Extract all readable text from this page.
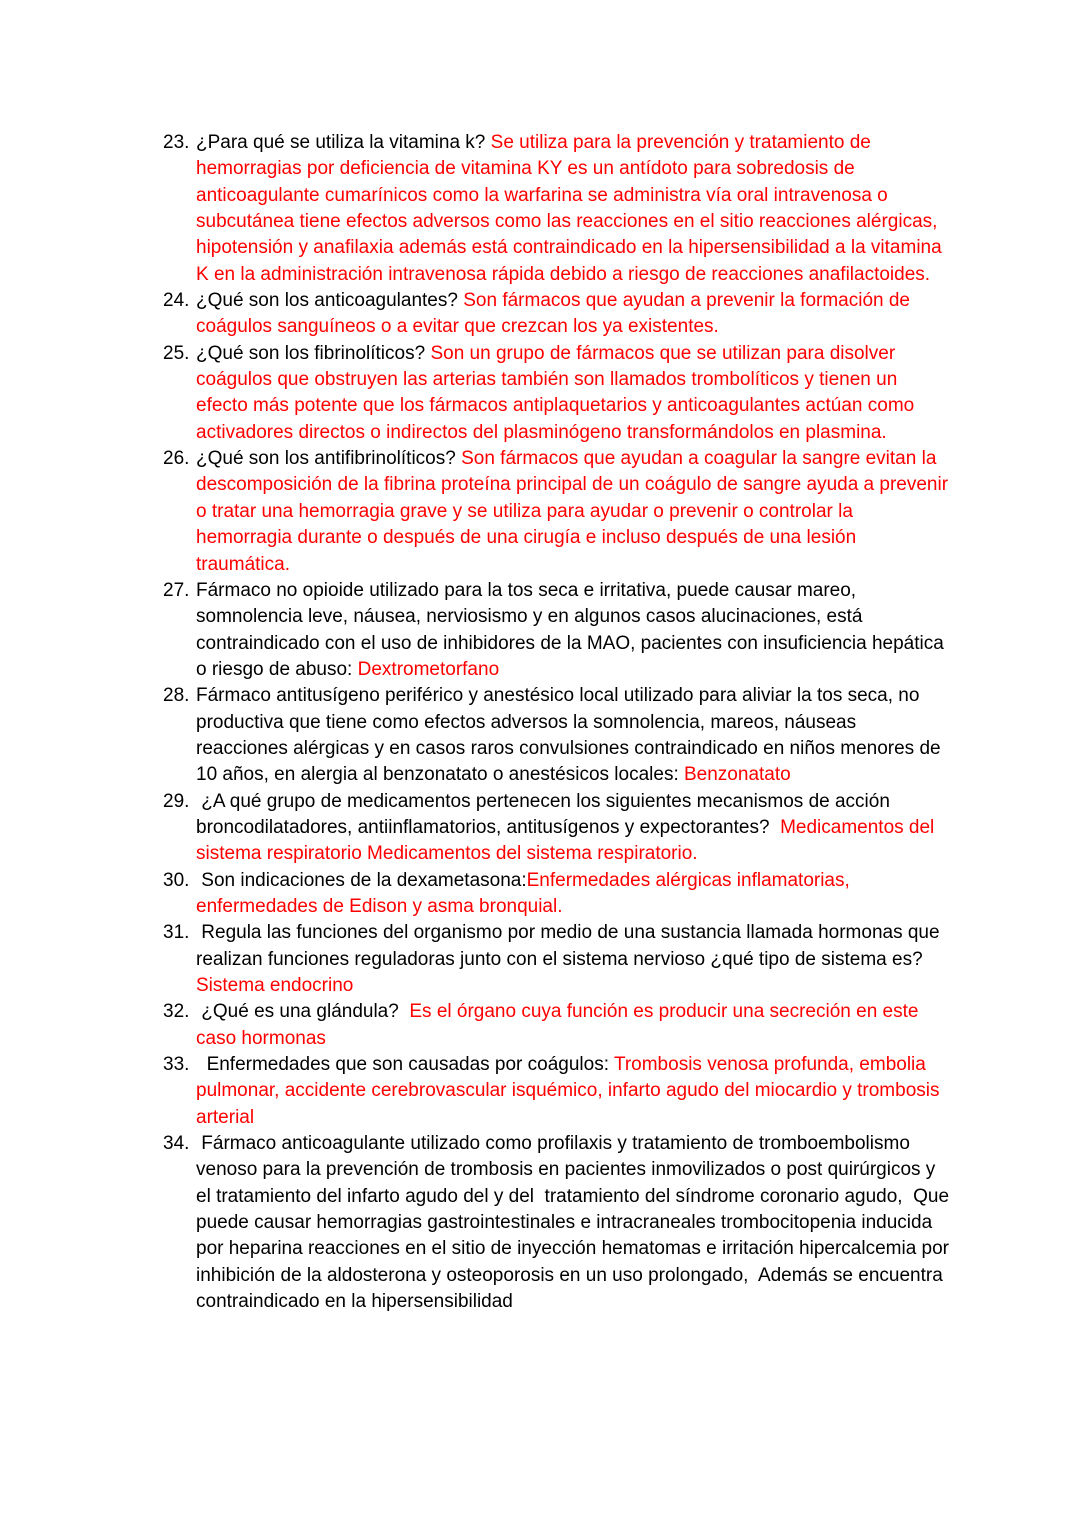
23. ¿Para qué se utiliza la vitamina k? Se utiliza para la prevención y tratamiento de hemorragias por deficiencia de vitamina KY es un antídoto para sobredosis de anticoagulante cumarínicos como la warfarina se administra vía oral intravenosa o subcutánea tiene efectos adversos como las reacciones en el sitio reacciones alérgicas, hipotensión y anafilaxia además está contraindicado en la hipersensibilidad a la vitamina K en la administración intravenosa rápida debido a riesgo de reacciones anafilactoides.
24. ¿Qué son los anticoagulantes? Son fármacos que ayudan a prevenir la formación de coágulos sanguíneos o a evitar que crezcan los ya existentes.
25. ¿Qué son los fibrinolíticos? Son un grupo de fármacos que se utilizan para disolver coágulos que obstruyen las arterias también son llamados trombolíticos y tienen un efecto más potente que los fármacos antiplaquetarios y anticoagulantes actúan como activadores directos o indirectos del plasminógeno transformándolos en plasmina.
26. ¿Qué son los antifibrinolíticos? Son fármacos que ayudan a coagular la sangre evitan la descomposición de la fibrina proteína principal de un coágulo de sangre ayuda a prevenir o tratar una hemorragia grave y se utiliza para ayudar o prevenir o controlar la hemorragia durante o después de una cirugía e incluso después de una lesión traumática.
27. Fármaco no opioide utilizado para la tos seca e irritativa, puede causar mareo, somnolencia leve, náusea, nerviosismo y en algunos casos alucinaciones, está contraindicado con el uso de inhibidores de la MAO, pacientes con insuficiencia hepática o riesgo de abuso: Dextrometorfano
28. Fármaco antitusígeno periférico y anestésico local utilizado para aliviar la tos seca, no productiva que tiene como efectos adversos la somnolencia, mareos, náuseas reacciones alérgicas y en casos raros convulsiones contraindicado en niños menores de 10 años, en alergia al benzonatato o anestésicos locales: Benzonatato
29. ¿A qué grupo de medicamentos pertenecen los siguientes mecanismos de acción broncodilatadores, antiinflamatorios, antitusígenos y expectorantes?  Medicamentos del sistema respiratorio Medicamentos del sistema respiratorio.
30. Son indicaciones de la dexametasona:Enfermedades alérgicas inflamatorias, enfermedades de Edison y asma bronquial.
31. Regula las funciones del organismo por medio de una sustancia llamada hormonas que realizan funciones reguladoras junto con el sistema nervioso ¿qué tipo de sistema es?  Sistema endocrino
32. ¿Qué es una glándula?  Es el órgano cuya función es producir una secreción en este caso hormonas
33. Enfermedades que son causadas por coágulos: Trombosis venosa profunda, embolia pulmonar, accidente cerebrovascular isquémico, infarto agudo del miocardio y trombosis arterial
34. Fármaco anticoagulante utilizado como profilaxis y tratamiento de tromboembolismo venoso para la prevención de trombosis en pacientes inmovilizados o post quirúrgicos y el tratamiento del infarto agudo del y del  tratamiento del síndrome coronario agudo,  Que puede causar hemorragias gastrointestinales e intracraneales trombocitopenia inducida por heparina reacciones en el sitio de inyección hematomas e irritación hipercalcemia por inhibición de la aldosterona y osteoporosis en un uso prolongado,  Además se encuentra contraindicado en la hipersensibilidad
